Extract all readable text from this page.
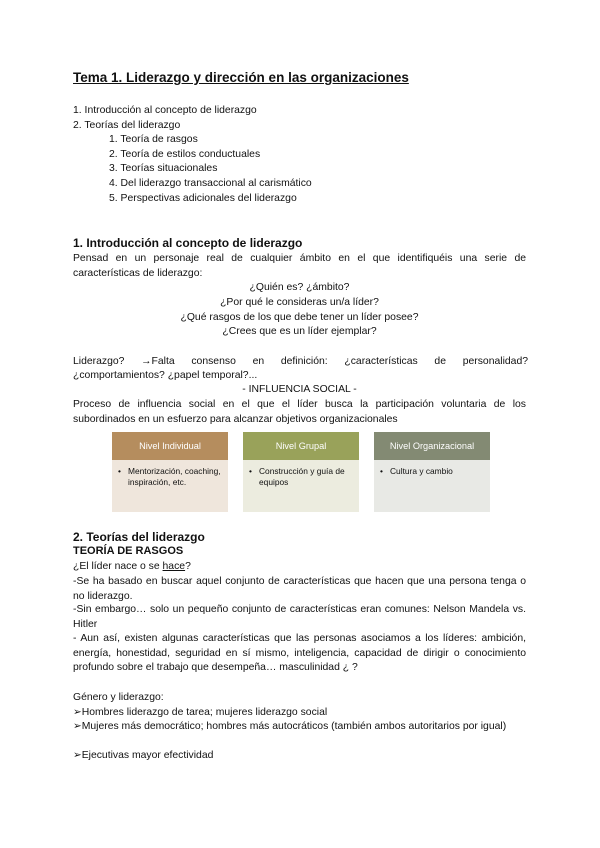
Tema 1. Liderazgo y dirección en las organizaciones
1. Introducción al concepto de liderazgo
2. Teorías del liderazgo
1. Teoría de rasgos
2. Teoría de estilos conductuales
3. Teorías situacionales
4. Del liderazgo transaccional al carismático
5. Perspectivas adicionales del liderazgo
1. Introducción al concepto de liderazgo

Pensad en un personaje real de cualquier ámbito en el que identifiquéis una serie de características de liderazgo:

¿Quién es? ¿ámbito?
¿Por qué le consideras un/a líder?
¿Qué rasgos de los que debe tener un líder posee?
¿Crees que es un líder ejemplar?

Liderazgo? →Falta consenso en definición: ¿características de personalidad?

¿comportamientos? ¿papel temporal?...

- INFLUENCIA SOCIAL -

Proceso de influencia social en el que el líder busca la participación voluntaria de los subordinados en un esfuerzo para alcanzar objetivos organizacionales

Nivel Individual
• Mentorización, coaching, inspiración, etc.
Nivel Grupal
• Construcción y guía de equipos
Nivel Organizacional
• Cultura y cambio
2. Teorías del liderazgo

TEORÍA DE RASGOS

¿El líder nace o se hace?

-Se ha basado en buscar aquel conjunto de características que hacen que una persona tenga o no liderazgo.

-Sin embargo… solo un pequeño conjunto de características eran comunes: Nelson Mandela vs. Hitler

- Aun así, existen algunas características que las personas asociamos a los líderes: ambición, energía, honestidad, seguridad en sí mismo, inteligencia, capacidad de dirigir o conocimiento profundo sobre el trabajo que desempeña… masculinidad ¿ ?

Género y liderazgo:

➢Hombres liderazgo de tarea; mujeres liderazgo social

➢Mujeres más democrático; hombres más autocráticos (también ambos autoritarios por igual)

➢Ejecutivas mayor efectividad
